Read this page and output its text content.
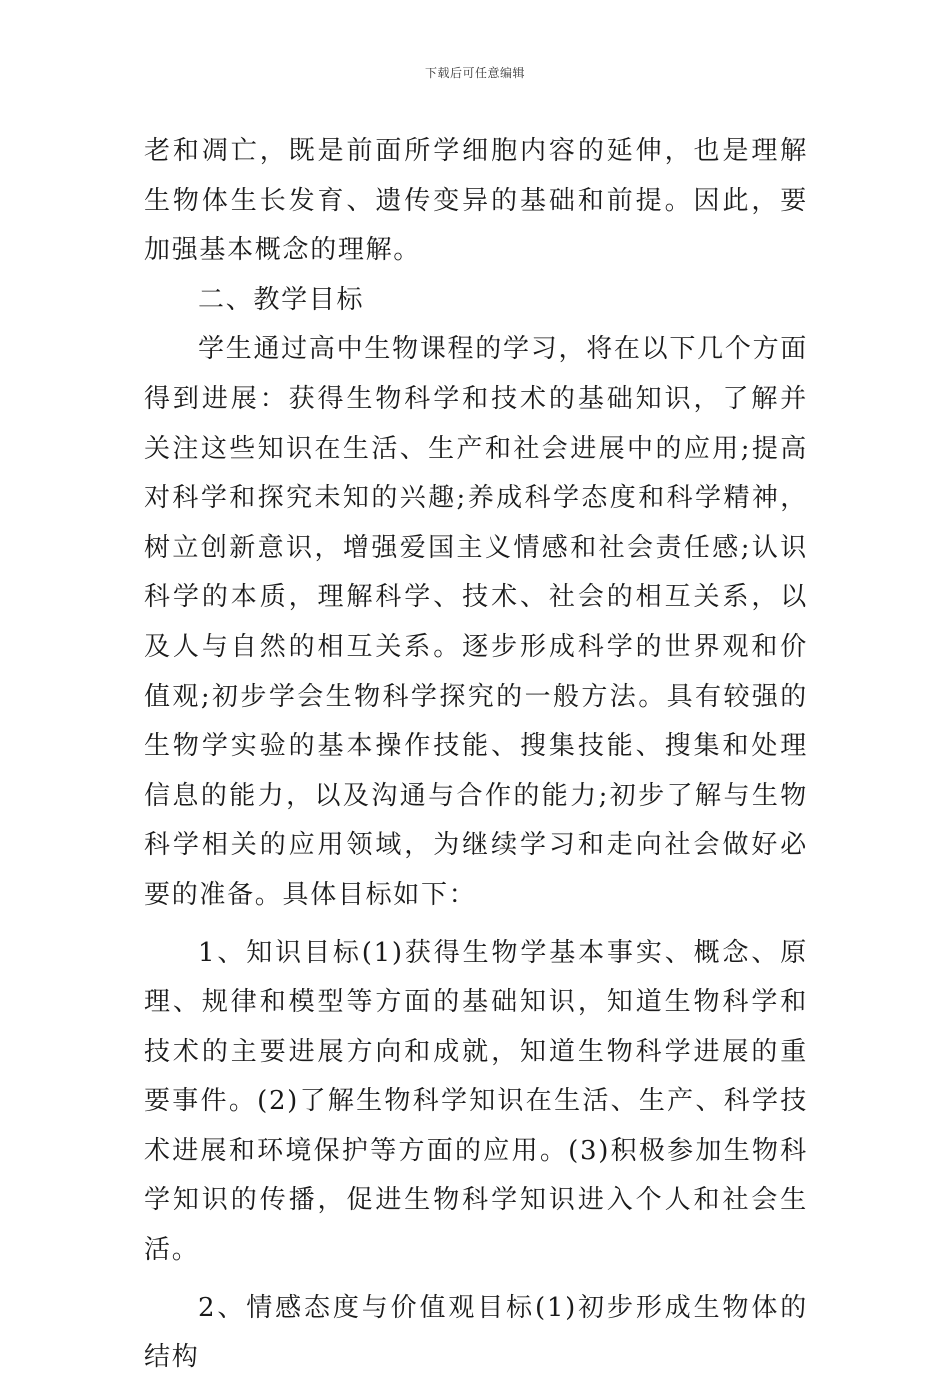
下载后可任意编辑

老和凋亡，既是前面所学细胞内容的延伸，也是理解生物体生长发育、遗传变异的基础和前提。因此，要加强基本概念的理解。

二、教学目标

学生通过高中生物课程的学习，将在以下几个方面得到进展：获得生物科学和技术的基础知识，了解并关注这些知识在生活、生产和社会进展中的应用;提高对科学和探究未知的兴趣;养成科学态度和科学精神，树立创新意识，增强爱国主义情感和社会责任感;认识科学的本质，理解科学、技术、社会的相互关系，以及人与自然的相互关系。逐步形成科学的世界观和价值观;初步学会生物科学探究的一般方法。具有较强的生物学实验的基本操作技能、搜集技能、搜集和处理信息的能力，以及沟通与合作的能力;初步了解与生物科学相关的应用领域，为继续学习和走向社会做好必要的准备。具体目标如下：

1、知识目标(1)获得生物学基本事实、概念、原理、规律和模型等方面的基础知识，知道生物科学和技术的主要进展方向和成就，知道生物科学进展的重要事件。(2)了解生物科学知识在生活、生产、科学技术进展和环境保护等方面的应用。(3)积极参加生物科学知识的传播，促进生物科学知识进入个人和社会生活。

2、情感态度与价值观目标(1)初步形成生物体的结构
